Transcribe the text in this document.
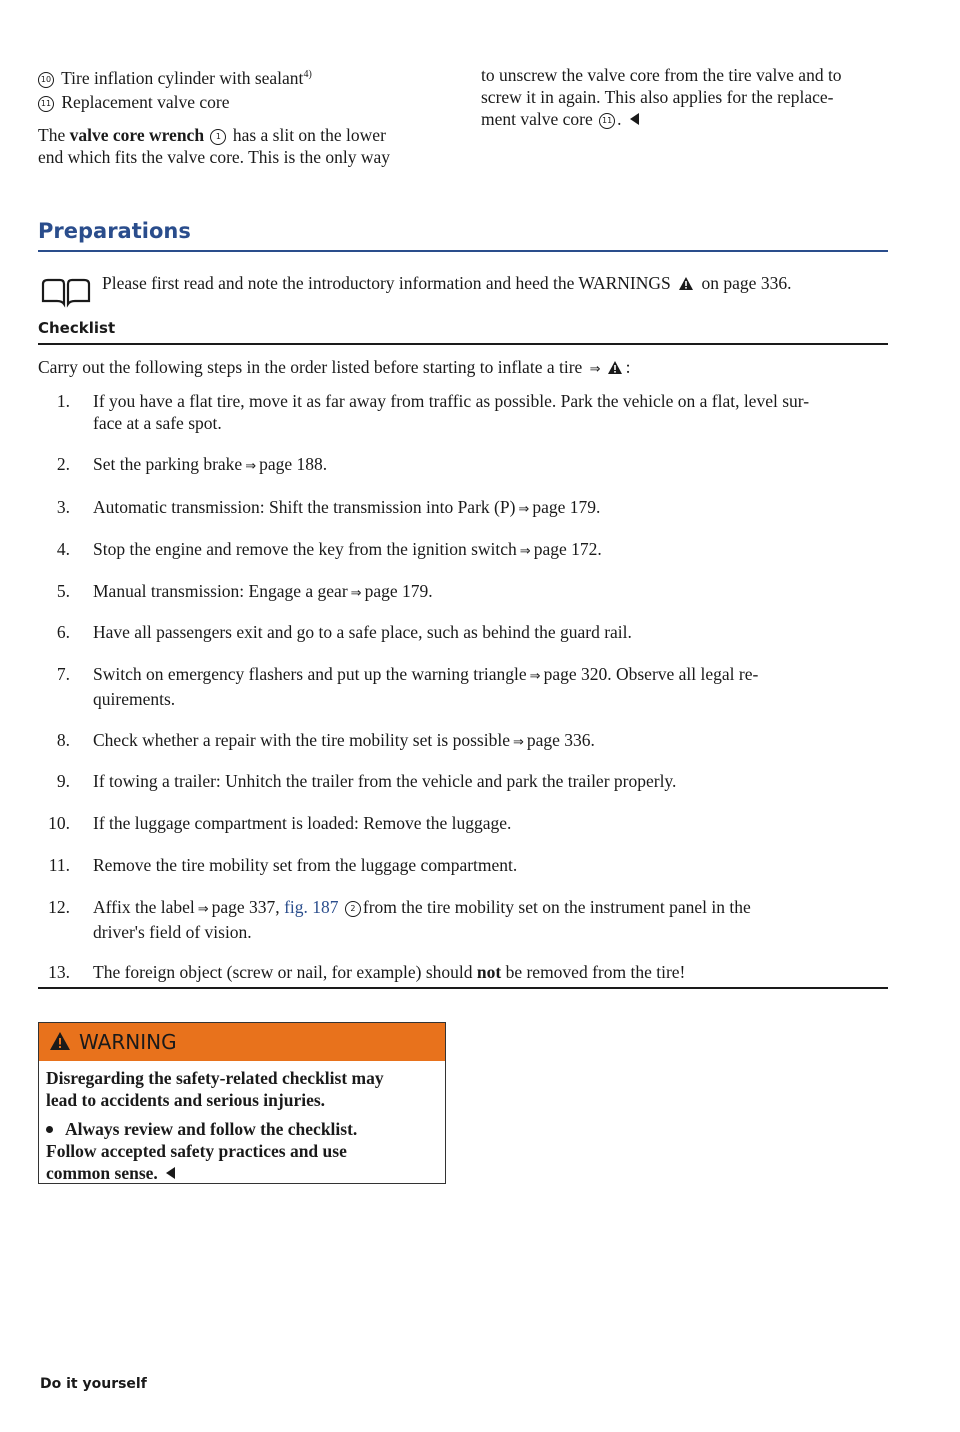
10 Tire inflation cylinder with sealant$^{4)}$
11 Replacement valve core
The valve core wrench 1 has a slit on the lower
end which fits the valve core. This is the only way
to unscrew the valve core from the tire valve and to
screw it in again. This also applies for the replace-
ment valve core 11 .
Preparations
Please first read and note the introductory information and heed the WARNINGS  on page 336.
Checklist
Carry out the following steps in the order listed before starting to inflate a tire ⇒ :
1. If you have a flat tire, move it as far away from traffic as possible. Park the vehicle on a flat, level sur-
face at a safe spot.
2. Set the parking brake ⇒ page 188.
3. Automatic transmission: Shift the transmission into Park (P) ⇒ page 179.
4. Stop the engine and remove the key from the ignition switch ⇒ page 172.
5. Manual transmission: Engage a gear ⇒ page 179.
6. Have all passengers exit and go to a safe place, such as behind the guard rail.
7. Switch on emergency flashers and put up the warning triangle ⇒ page 320. Observe all legal re-
quirements.
8. Check whether a repair with the tire mobility set is possible ⇒ page 336.
9. If towing a trailer: Unhitch the trailer from the vehicle and park the trailer properly.
10. If the luggage compartment is loaded: Remove the luggage.
11. Remove the tire mobility set from the luggage compartment.
12. Affix the label ⇒ page 337, fig. 187 2 from the tire mobility set on the instrument panel in the
driver's field of vision.
13. The foreign object (screw or nail, for example) should not be removed from the tire!
WARNING
Disregarding the safety-related checklist may
lead to accidents and serious injuries.
Always review and follow the checklist.
Follow accepted safety practices and use
common sense.
Do it yourself
